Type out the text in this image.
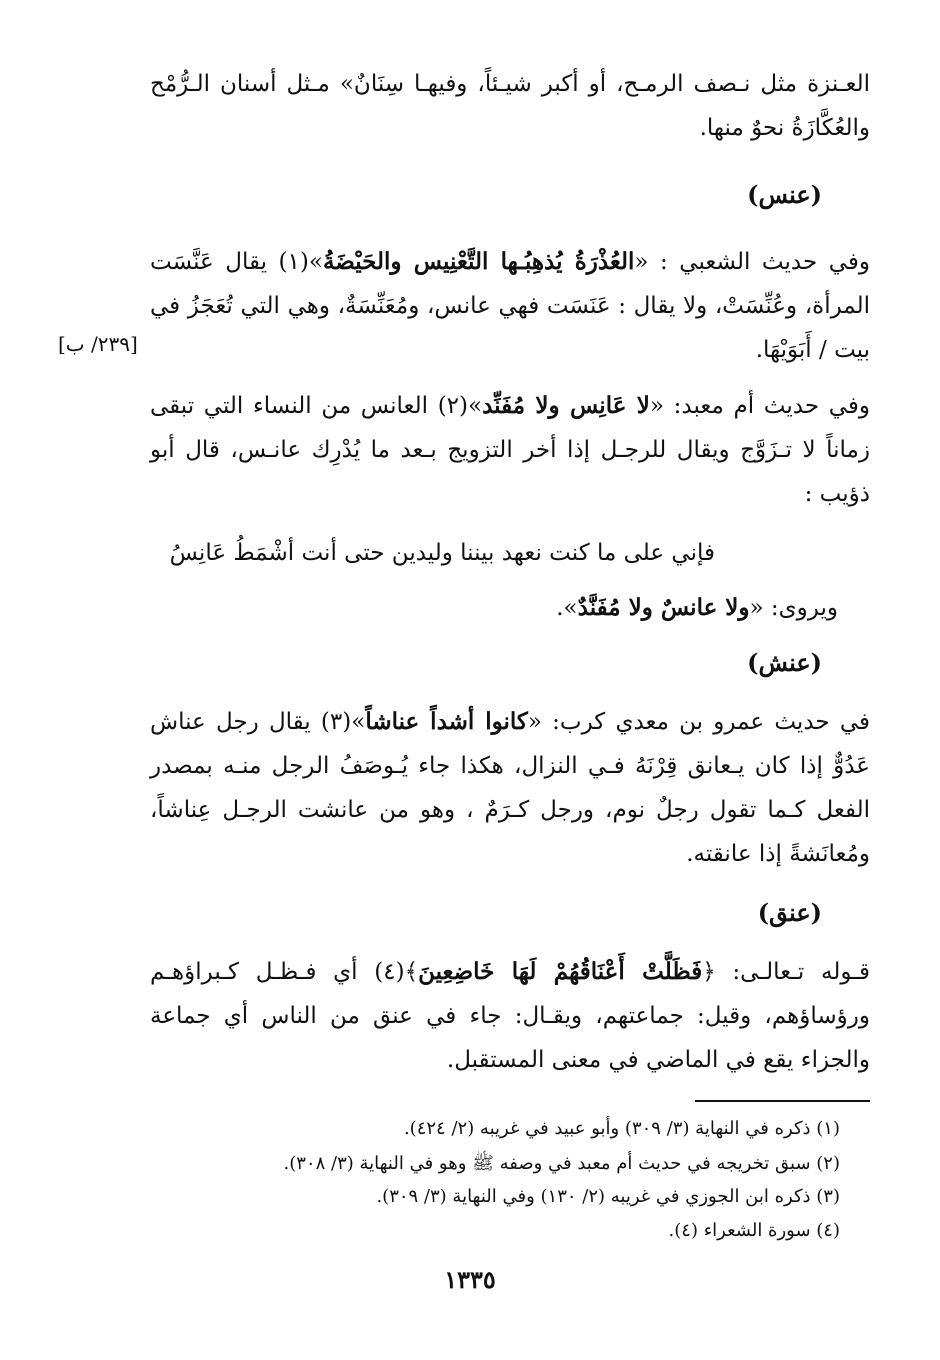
العـنزة مثل نـصف الرمـح، أو أكبر شيـئاً، وفيهـا سِنَانٌ» مـثل أسنان الـرُّمْح والعُكَّازَةُ نحوٌ منها.

(عنس)

وفي حديث الشعبي : «العُذْرَةُ يُذهِبُـها التَّعْنِيس والحَيْضَةُ»(١) يقال عَنَّسَت المرأة، وعُنِّسَتْ، ولا يقال : عَنَسَت فهي عانس، ومُعَنِّسَةٌ، وهي التي تُعَجَزُ في بيت / أَبَوَيْهَا.

[٢٣٩/ ب]

وفي حديث أم معبد: «لا عَانِس ولا مُفَنِّد»(٢) العانس من النساء التي تبقى زماناً لا تـزَوَّج ويقال للرجـل إذا أخر التزويج بـعد ما يُدْرِك عانـس، قال أبو ذؤيب :

فإني على ما كنت نعهد بيننا وليدين حتى أنت أشْمَطُ عَانِسُ
ويروى: «ولا عانسٌ ولا مُفَنَّدٌ».
(عنش)

في حديث عمرو بن معدي كرب: «كانوا أشداً عناشاً»(٣) يقال رجل عناش عَدُوٌّ إذا كان يـعانق قِرْنَهُ فـي النزال، هكذا جاء يُـوصَفُ الرجل منـه بمصدر الفعل كـما تقول رجلٌ نوم، ورجل كـرَمٌ ، وهو من عانشت الرجـل عِناشاً، ومُعانَشةً إذا عانقته.

(عنق)

قـوله تـعالـى: ﴿فَظَلَّتْ أَعْنَاقُهُمْ لَهَا خَاضِعِينَ﴾(٤) أي فـظـل كـبراؤهـم ورؤساؤهم، وقيل: جماعتهم، ويقـال: جاء في عنق من الناس أي جماعة والجزاء يقع في الماضي في معنى المستقبل.

(١) ذكره في النهاية (٣/ ٣٠٩) وأبو عبيد في غريبه (٢/ ٤٢٤).
(٢) سبق تخريجه في حديث أم معبد في وصفه ﷺ وهو في النهاية (٣/ ٣٠٨).
(٣) ذكره ابن الجوزي في غريبه (٢/ ١٣٠) وفي النهاية (٣/ ٣٠٩).
(٤) سورة الشعراء (٤).
١٣٣٥
